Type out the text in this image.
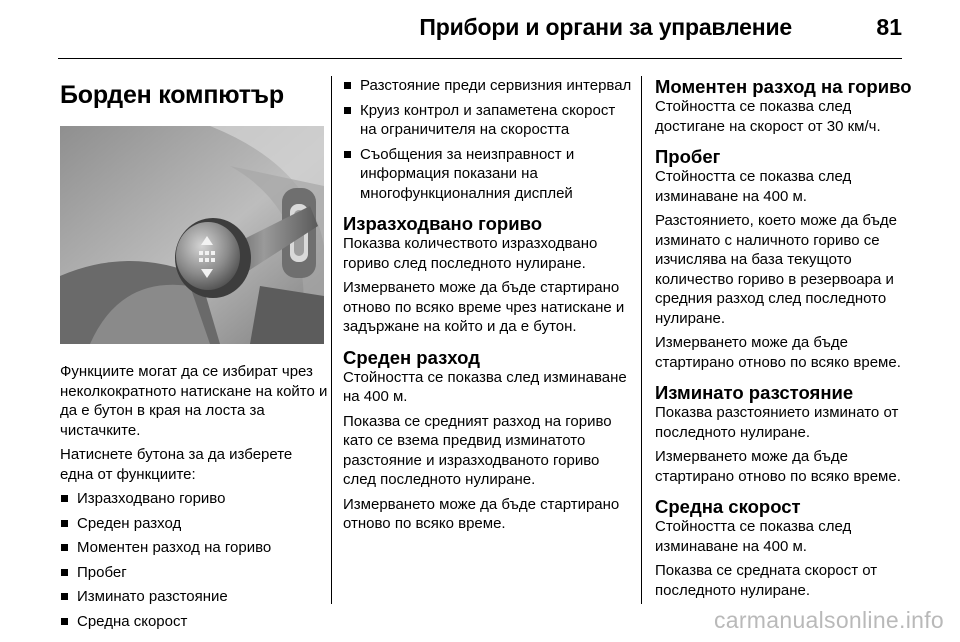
Прибори и органи за управление	81
Борден компютър

Функциите могат да се избират чрез неколкократното натискане на който и да е бутон в края на лоста за чистачките.

Натиснете бутона за да изберете една от функциите:

Изразходвано гориво
Среден разход
Моментен разход на гориво
Пробег
Изминато разстояние
Средна скорост
Разстояние преди сервизния интервал
Круиз контрол и запаметена скорост на ограничителя на скоростта
Съобщения за неизправност и информация показани на многофункционалния дисплей
Изразходвано гориво

Показва количеството изразходвано гориво след последното нулиране.

Измерването може да бъде стартирано отново по всяко време чрез натискане и задържане на който и да е бутон.

Среден разход

Стойността се показва след изминаване на 400 м.

Показва се средният разход на гориво като се взема предвид изминатото разстояние и изразходваното гориво след последното нулиране.

Измерването може да бъде стартирано отново по всяко време.

Моментен разход на гориво

Стойността се показва след достигане на скорост от 30 км/ч.

Пробег

Стойността се показва след изминаване на 400 м.

Разстоянието, което може да бъде изминато с наличното гориво се изчислява на база текущото количество гориво в резервоара и средния разход след последното нулиране.

Измерването може да бъде стартирано отново по всяко време.

Изминато разстояние

Показва разстоянието изминато от последното нулиране.

Измерването може да бъде стартирано отново по всяко време.

Средна скорост

Стойността се показва след изминаване на 400 м.

Показва се средната скорост от последното нулиране.

carmanualsonline.info
